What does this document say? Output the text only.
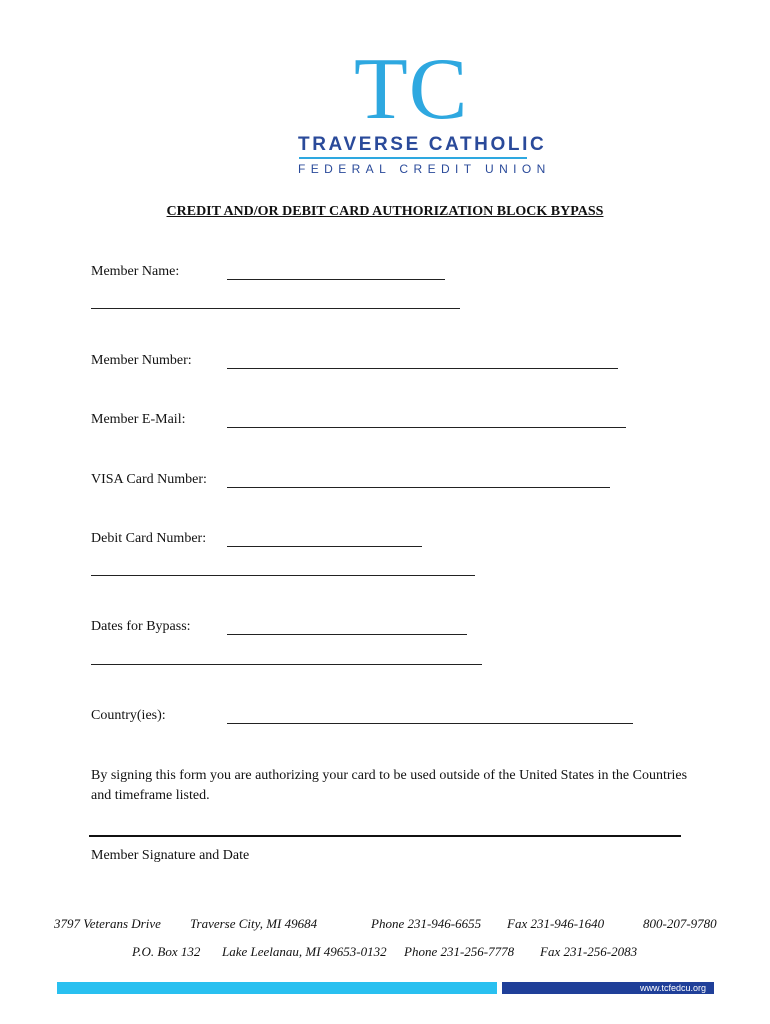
TC
TRAVERSE CATHOLIC
FEDERAL CREDIT UNION
CREDIT AND/OR DEBIT CARD AUTHORIZATION BLOCK BYPASS
Member Name:
Member Number:
Member E-Mail:
VISA Card Number:
Debit Card Number:
Dates for Bypass:
Country(ies):
By signing this form you are authorizing your card to be used outside of the United States in the Countries and timeframe listed.
Member Signature and Date
3797 Veterans Drive Traverse City, MI 49684	Phone 231-946-6655 Fax 231-946-1640	800-207-9780
P.O. Box 132 Lake Leelanau, MI 49653-0132 Phone 231-256-7778 Fax 231-256-2083
www.tcfedcu.org
